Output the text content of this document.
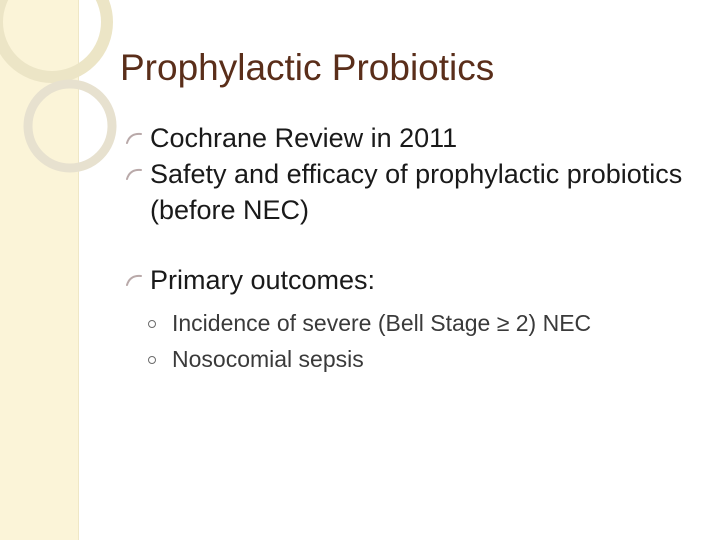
Prophylactic Probiotics
Cochrane Review in 2011
Safety and efficacy of prophylactic probiotics (before NEC)
Primary outcomes:
Incidence of severe (Bell Stage ≥ 2) NEC
Nosocomial sepsis
